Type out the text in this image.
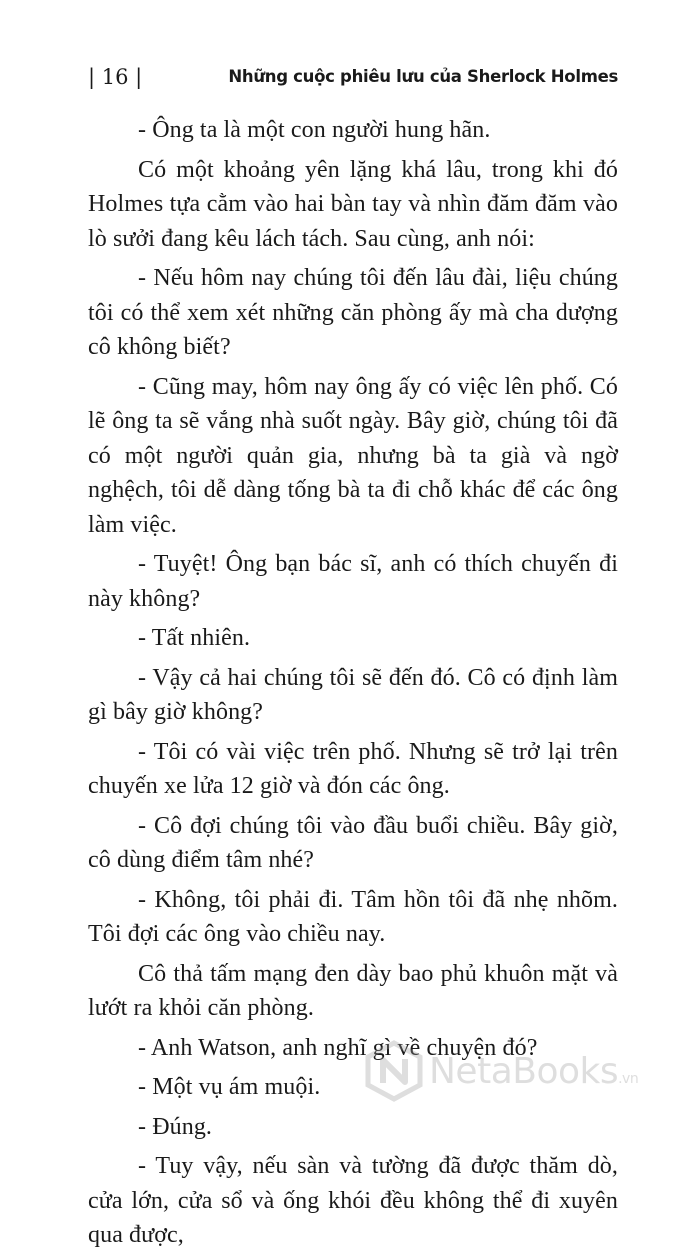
| 16 |	Những cuộc phiêu lưu của Sherlock Holmes

- Ông ta là một con người hung hãn.

Có một khoảng yên lặng khá lâu, trong khi đó Holmes tựa cằm vào hai bàn tay và nhìn đăm đăm vào lò sưởi đang kêu lách tách. Sau cùng, anh nói:

- Nếu hôm nay chúng tôi đến lâu đài, liệu chúng tôi có thể xem xét những căn phòng ấy mà cha dượng cô không biết?

- Cũng may, hôm nay ông ấy có việc lên phố. Có lẽ ông ta sẽ vắng nhà suốt ngày. Bây giờ, chúng tôi đã có một người quản gia, nhưng bà ta già và ngờ nghệch, tôi dễ dàng tống bà ta đi chỗ khác để các ông làm việc.

- Tuyệt! Ông bạn bác sĩ, anh có thích chuyến đi này không?

- Tất nhiên.

- Vậy cả hai chúng tôi sẽ đến đó. Cô có định làm gì bây giờ không?

- Tôi có vài việc trên phố. Nhưng sẽ trở lại trên chuyến xe lửa 12 giờ và đón các ông.

- Cô đợi chúng tôi vào đầu buổi chiều. Bây giờ, cô dùng điểm tâm nhé?

- Không, tôi phải đi. Tâm hồn tôi đã nhẹ nhõm. Tôi đợi các ông vào chiều nay.

Cô thả tấm mạng đen dày bao phủ khuôn mặt và lướt ra khỏi căn phòng.

- Anh Watson, anh nghĩ gì về chuyện đó?

- Một vụ ám muội.

- Đúng.

- Tuy vậy, nếu sàn và tường đã được thăm dò, cửa lớn, cửa sổ và ống khói đều không thể đi xuyên qua được,

NetaBooks.vn
